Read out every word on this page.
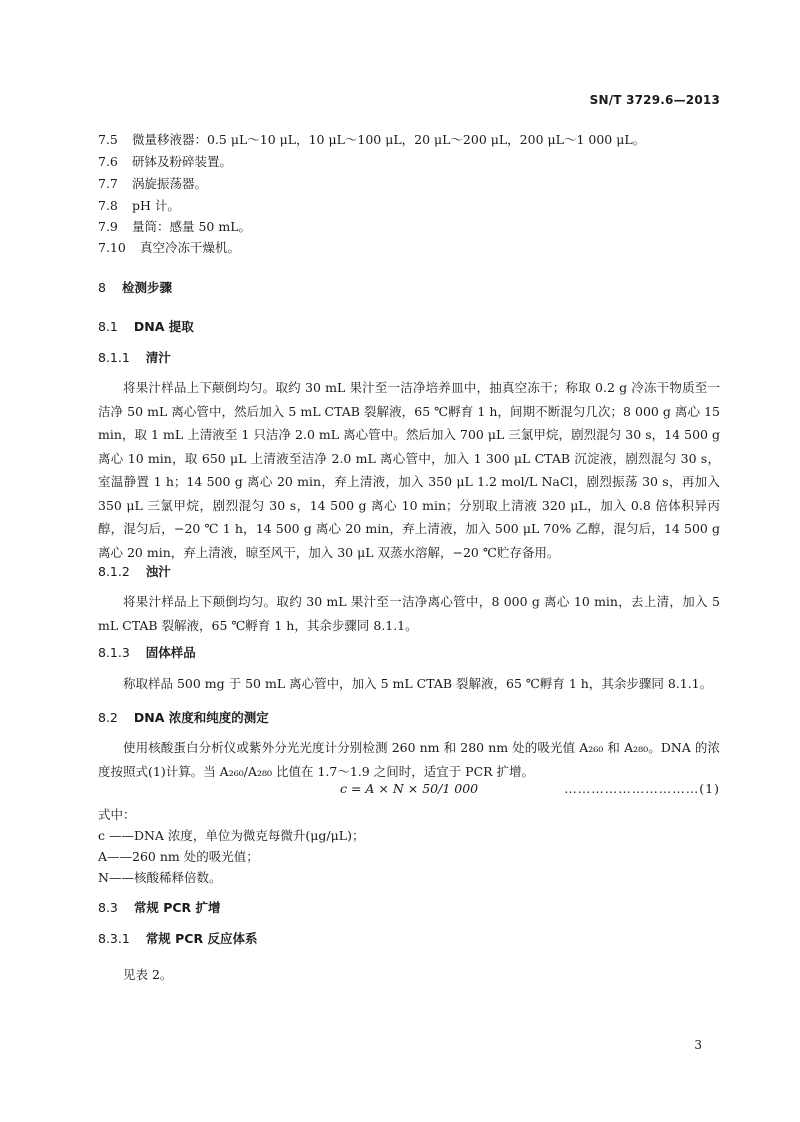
SN/T 3729.6—2013
7.5 微量移液器：0.5 μL～10 μL，10 μL～100 μL，20 μL～200 μL，200 μL～1 000 μL。
7.6 研钵及粉碎装置。
7.7 涡旋振荡器。
7.8 pH 计。
7.9 量筒：感量 50 mL。
7.10 真空冷冻干燥机。
8 检测步骤
8.1 DNA 提取
8.1.1 清汁
将果汁样品上下颠倒均匀。取约 30 mL 果汁至一洁净培养皿中，抽真空冻干；称取 0.2 g 冷冻干物质至一洁净 50 mL 离心管中，然后加入 5 mL CTAB 裂解液，65 ℃孵育 1 h，间期不断混匀几次；8 000 g 离心 15 min，取 1 mL 上清液至 1 只洁净 2.0 mL 离心管中。然后加入 700 μL 三氯甲烷，剧烈混匀 30 s，14 500 g 离心 10 min，取 650 μL 上清液至洁净 2.0 mL 离心管中，加入 1 300 μL CTAB 沉淀液，剧烈混匀 30 s，室温静置 1 h；14 500 g 离心 20 min，弃上清液，加入 350 μL 1.2 mol/L NaCl，剧烈振荡 30 s，再加入 350 μL 三氯甲烷，剧烈混匀 30 s，14 500 g 离心 10 min；分别取上清液 320 μL，加入 0.8 倍体积异丙醇，混匀后，−20 ℃ 1 h，14 500 g 离心 20 min，弃上清液，加入 500 μL 70% 乙醇，混匀后，14 500 g 离心 20 min，弃上清液，晾至风干，加入 30 μL 双蒸水溶解，−20 ℃贮存备用。
8.1.2 浊汁
将果汁样品上下颠倒均匀。取约 30 mL 果汁至一洁净离心管中，8 000 g 离心 10 min，去上清，加入 5 mL CTAB 裂解液，65 ℃孵育 1 h，其余步骤同 8.1.1。
8.1.3 固体样品
称取样品 500 mg 于 50 mL 离心管中，加入 5 mL CTAB 裂解液，65 ℃孵育 1 h，其余步骤同 8.1.1。
8.2 DNA 浓度和纯度的测定
使用核酸蛋白分析仪或紫外分光光度计分别检测 260 nm 和 280 nm 处的吸光值 A₂₆₀ 和 A₂₈₀。DNA 的浓度按照式(1)计算。当 A₂₆₀/A₂₈₀ 比值在 1.7～1.9 之间时，适宜于 PCR 扩增。
c = A × N × 50/1 000	…………………………(1)
式中：
c ——DNA 浓度，单位为微克每微升(μg/μL)；
A——260 nm 处的吸光值；
N——核酸稀释倍数。
8.3 常规 PCR 扩增
8.3.1 常规 PCR 反应体系
见表 2。
3
